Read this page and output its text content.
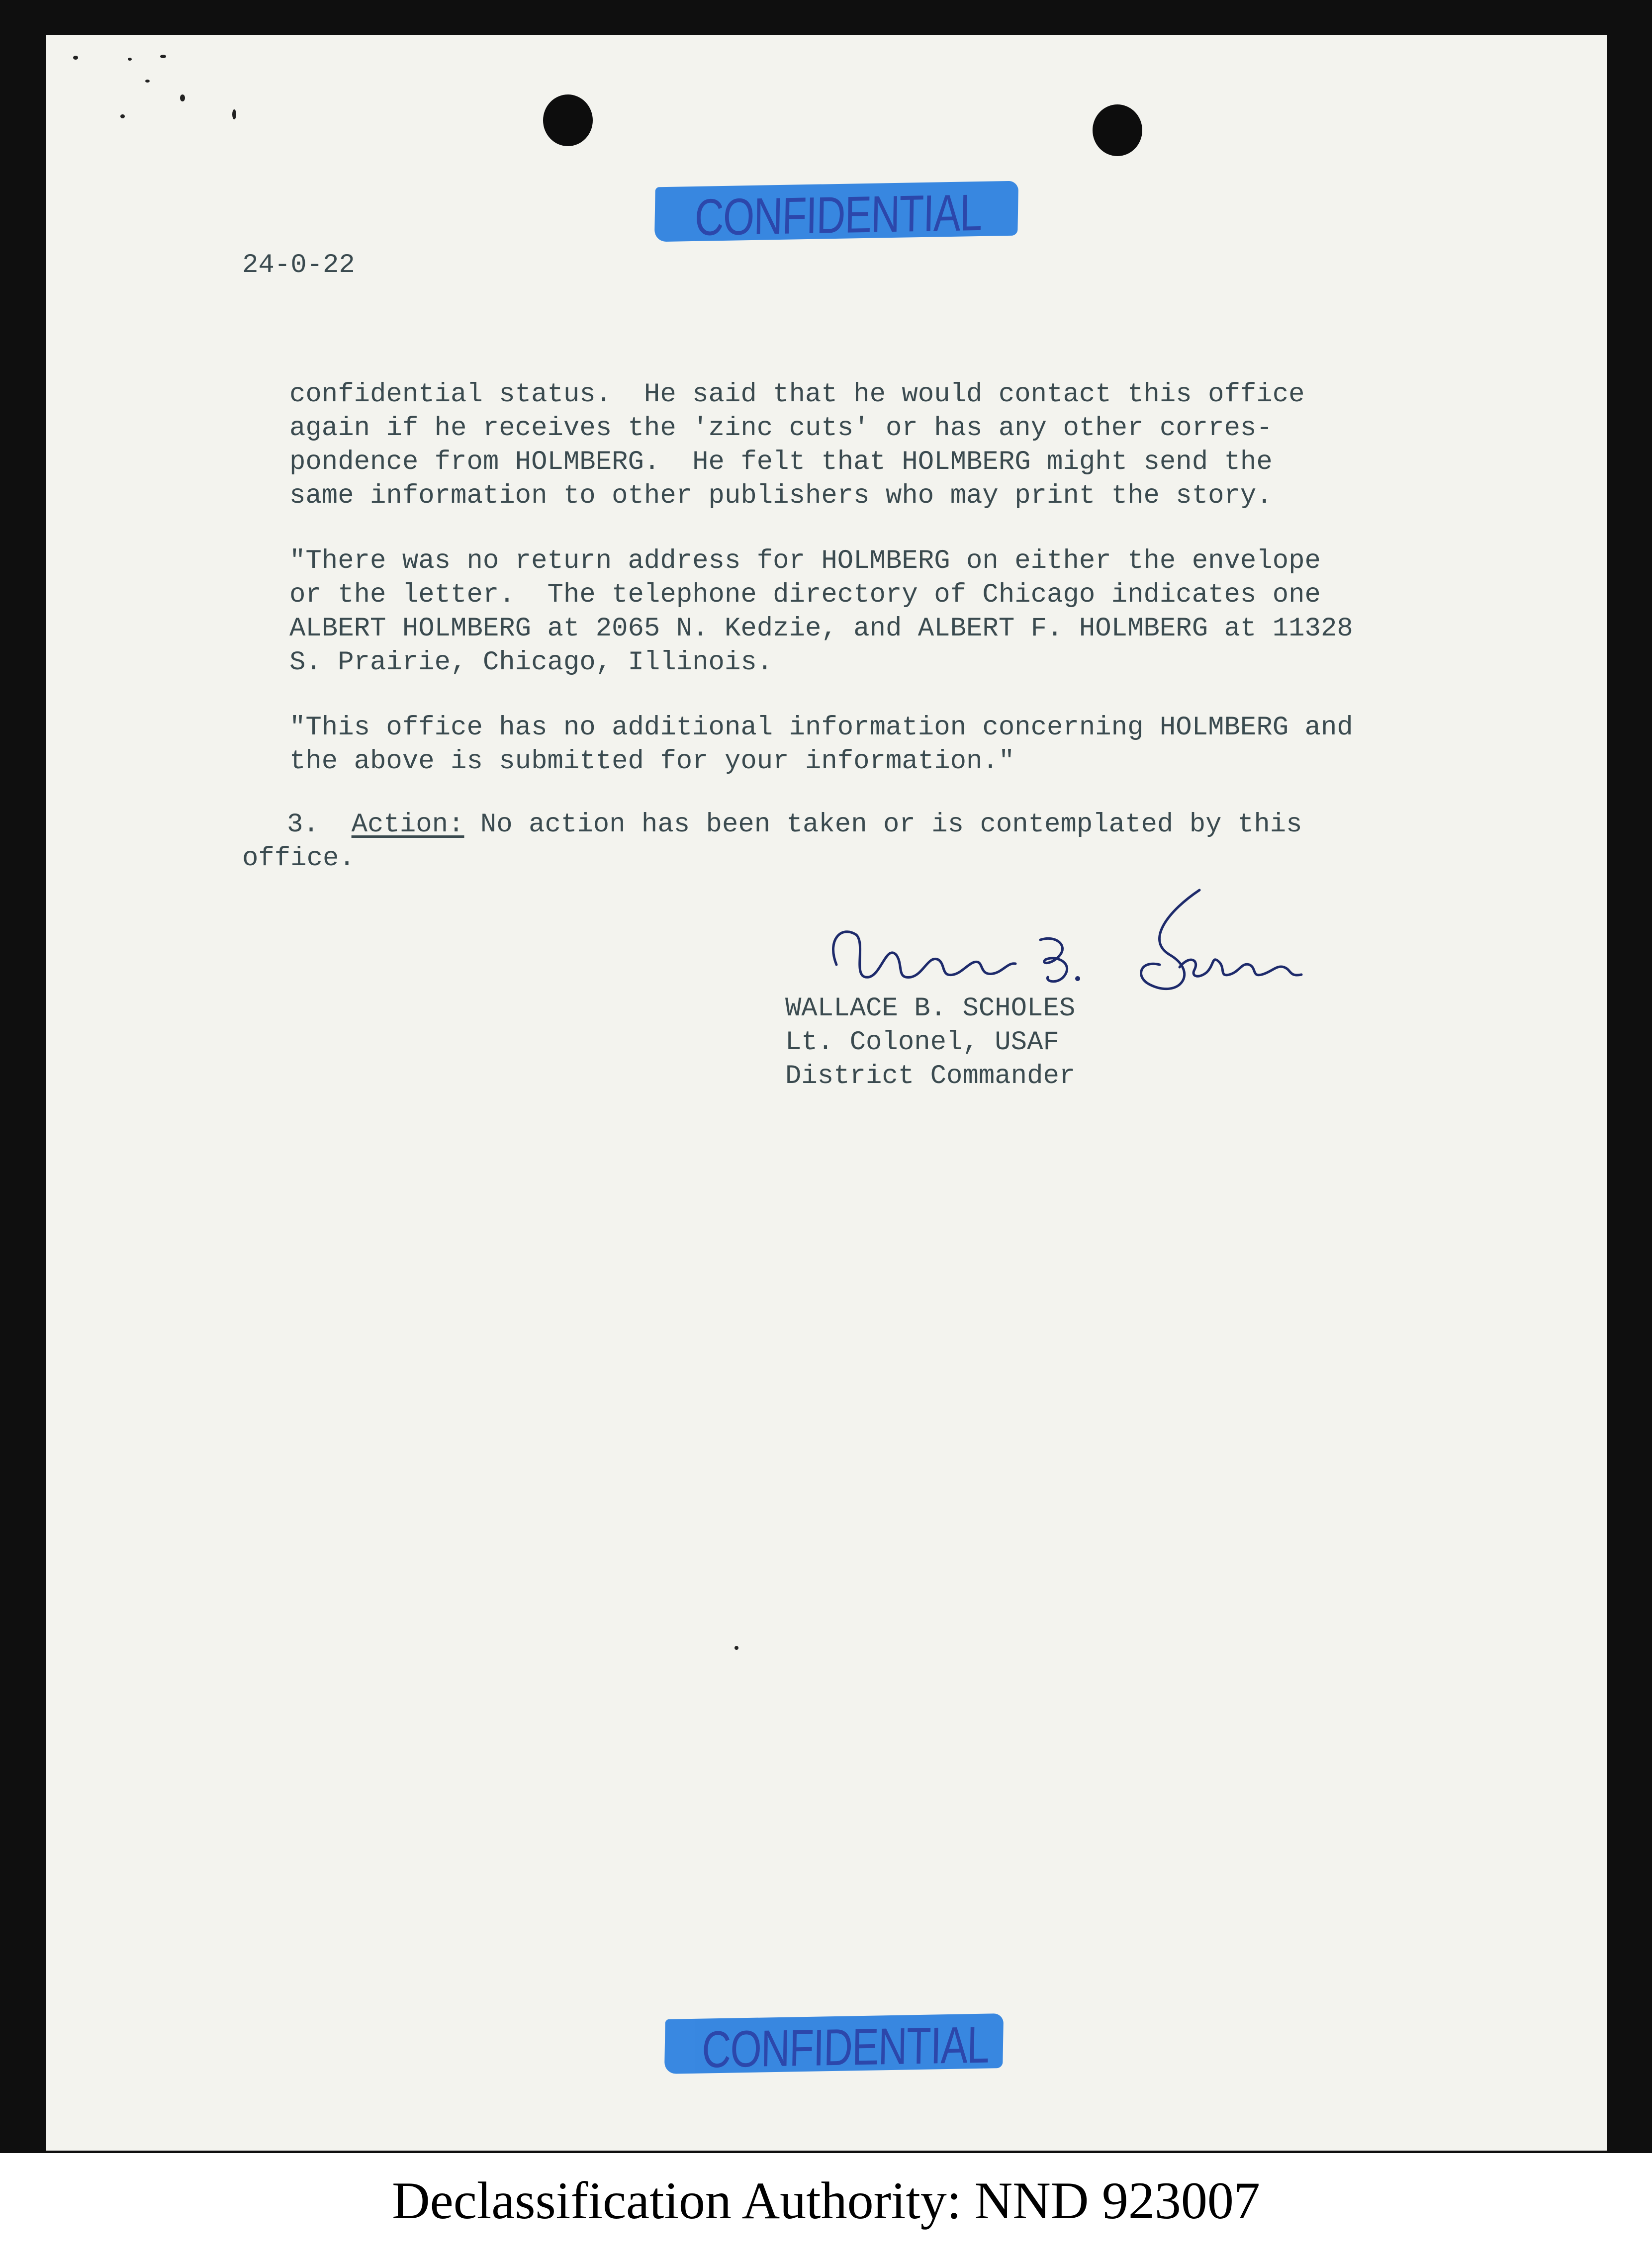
CONFIDENTIAL
24-0-22
confidential status.  He said that he would contact this office
again if he receives the 'zinc cuts' or has any other corres-
pondence from HOLMBERG.  He felt that HOLMBERG might send the
same information to other publishers who may print the story.
"There was no return address for HOLMBERG on either the envelope
or the letter.  The telephone directory of Chicago indicates one
ALBERT HOLMBERG at 2065 N. Kedzie, and ALBERT F. HOLMBERG at 11328
S. Prairie, Chicago, Illinois.
"This office has no additional information concerning HOLMBERG and
the above is submitted for your information."
3. Action: No action has been taken or is contemplated by this
office.
WALLACE B. SCHOLES
Lt. Colonel, USAF
District Commander
CONFIDENTIAL
Declassification Authority: NND 923007
